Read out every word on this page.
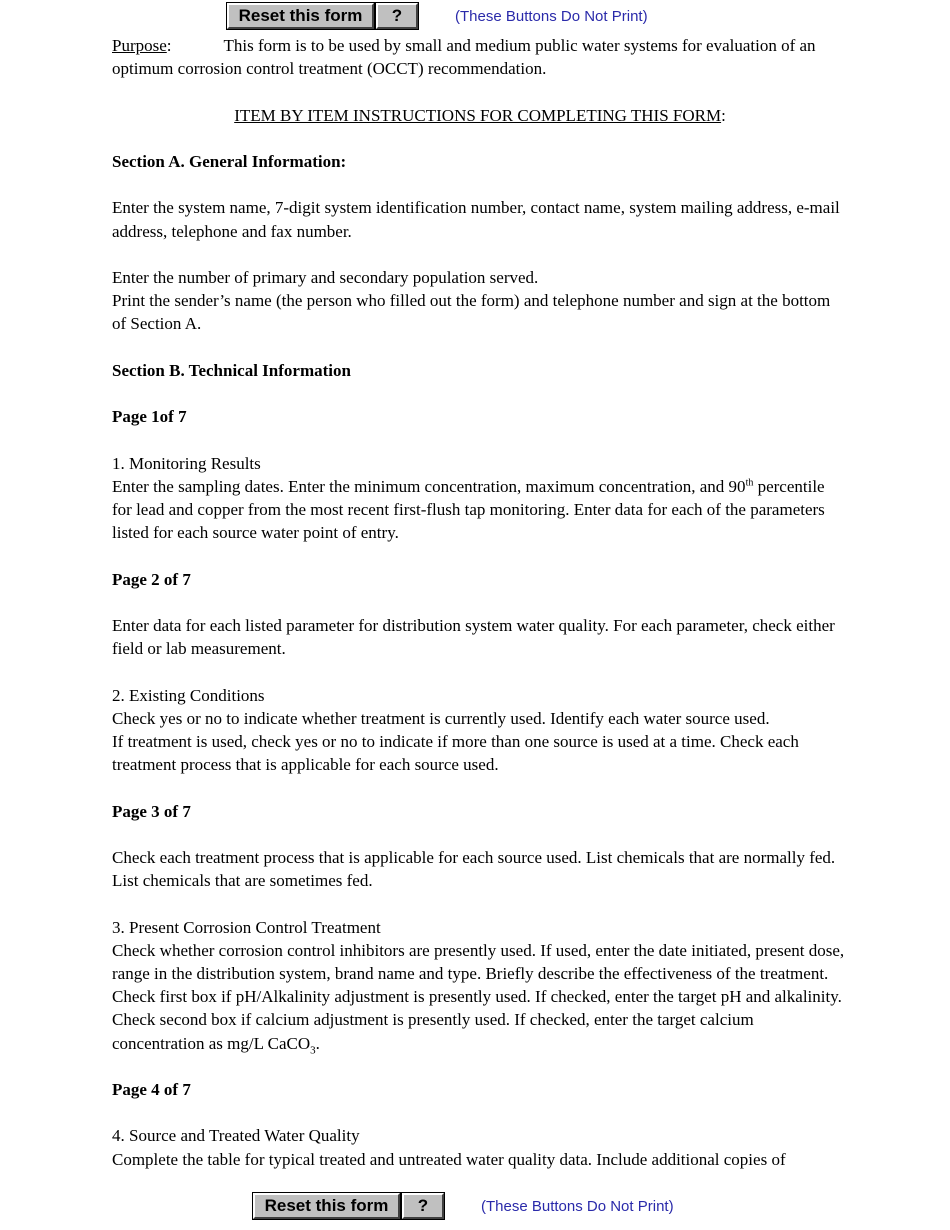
Reset this form	?	(These Buttons Do Not Print)

Purpose:	This form is to be used by small and medium public water systems for evaluation of an optimum corrosion control treatment (OCCT) recommendation.

ITEM BY ITEM INSTRUCTIONS FOR COMPLETING THIS FORM:

Section A. General Information:

Enter the system name, 7-digit system identification number, contact name, system mailing address, e-mail address, telephone and fax number.

Enter the number of primary and secondary population served.

Print the sender’s name (the person who filled out the form) and telephone number and sign at the bottom of Section A.

Section B. Technical Information

Page 1of 7

1. Monitoring Results

Enter the sampling dates. Enter the minimum concentration, maximum concentration, and 90th percentile for lead and copper from the most recent first-flush tap monitoring. Enter data for each of the parameters listed for each source water point of entry.

Page 2 of 7

Enter data for each listed parameter for distribution system water quality. For each parameter, check either field or lab measurement.

2. Existing Conditions

Check yes or no to indicate whether treatment is currently used. Identify each water source used.

If treatment is used, check yes or no to indicate if more than one source is used at a time. Check each treatment process that is applicable for each source used.

Page 3 of 7

Check each treatment process that is applicable for each source used. List chemicals that are normally fed. List chemicals that are sometimes fed.

3. Present Corrosion Control Treatment

Check whether corrosion control inhibitors are presently used. If used, enter the date initiated, present dose, range in the distribution system, brand name and type. Briefly describe the effectiveness of the treatment. Check first box if pH/Alkalinity adjustment is presently used. If checked, enter the target pH and alkalinity. Check second box if calcium adjustment is presently used. If checked, enter the target calcium concentration as mg/L CaCO$_3$.

Page 4 of 7

4. Source and Treated Water Quality

Complete the table for typical treated and untreated water quality data. Include additional copies of

Reset this form	?	(These Buttons Do Not Print)
